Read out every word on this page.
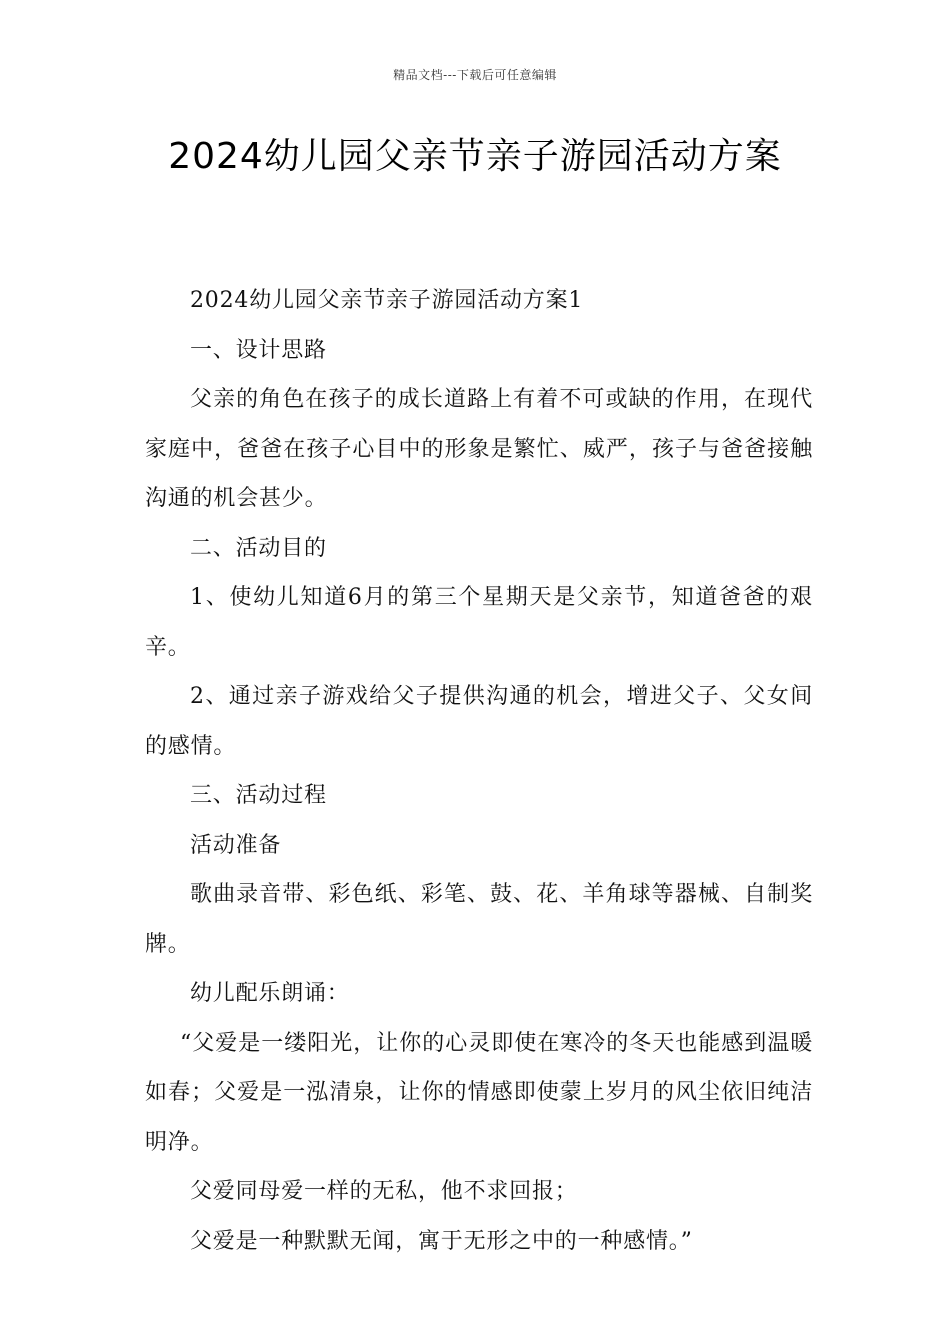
精品文档---下载后可任意编辑
2024幼儿园父亲节亲子游园活动方案

2024幼儿园父亲节亲子游园活动方案1

一、设计思路

父亲的角色在孩子的成长道路上有着不可或缺的作用，在现代家庭中，爸爸在孩子心目中的形象是繁忙、威严，孩子与爸爸接触沟通的机会甚少。

二、活动目的

1、使幼儿知道6月的第三个星期天是父亲节，知道爸爸的艰辛。

2、通过亲子游戏给父子提供沟通的机会，增进父子、父女间的感情。

三、活动过程

活动准备

歌曲录音带、彩色纸、彩笔、鼓、花、羊角球等器械、自制奖牌。

幼儿配乐朗诵：

“父爱是一缕阳光，让你的心灵即使在寒冷的冬天也能感到温暖如春；父爱是一泓清泉，让你的情感即使蒙上岁月的风尘依旧纯洁明净。

父爱同母爱一样的无私，他不求回报；

父爱是一种默默无闻，寓于无形之中的一种感情。”
